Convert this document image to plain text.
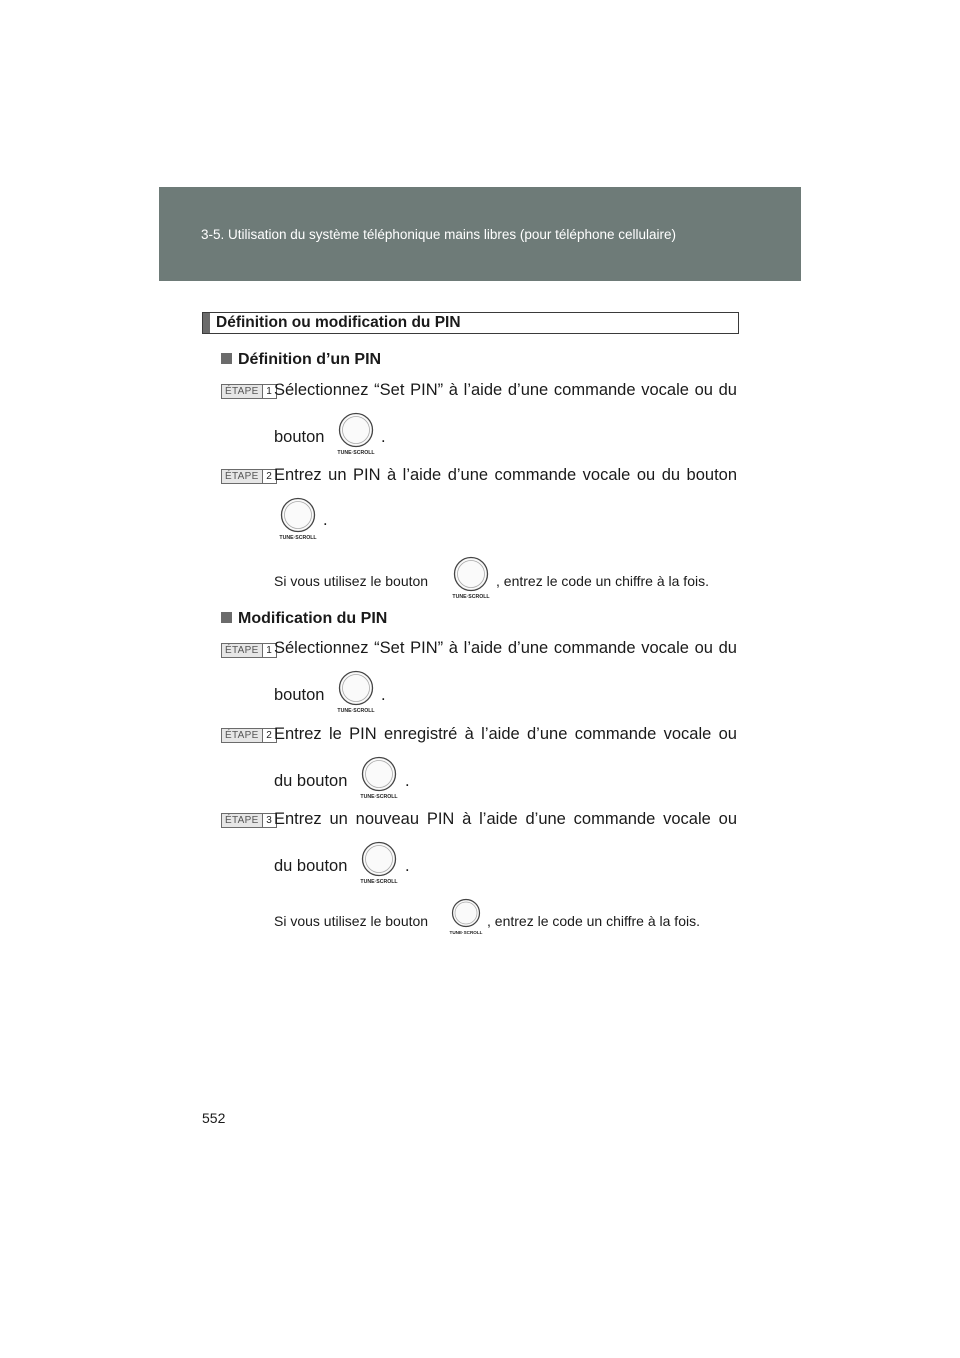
3-5. Utilisation du système téléphonique mains libres (pour téléphone cellulaire)
Définition ou modification du PIN
Définition d’un PIN
ÉTAPE 1 Sélectionnez “Set PIN” à l’aide d’une commande vocale ou du
bouton
TUNE·SCROLL
.
ÉTAPE 2 Entrez un PIN à l’aide d’une commande vocale ou du bouton
TUNE·SCROLL
.
Si vous utilisez le bouton
TUNE·SCROLL
, entrez le code un chiffre à la fois.
Modification du PIN
ÉTAPE 1 Sélectionnez “Set PIN” à l’aide d’une commande vocale ou du
bouton
TUNE·SCROLL
.
ÉTAPE 2 Entrez le PIN enregistré à l’aide d’une commande vocale ou
du bouton
TUNE·SCROLL
.
ÉTAPE 3 Entrez un nouveau PIN à l’aide d’une commande vocale ou
du bouton
TUNE·SCROLL
.
Si vous utilisez le bouton
TUNE·SCROLL
, entrez le code un chiffre à la fois.
552
